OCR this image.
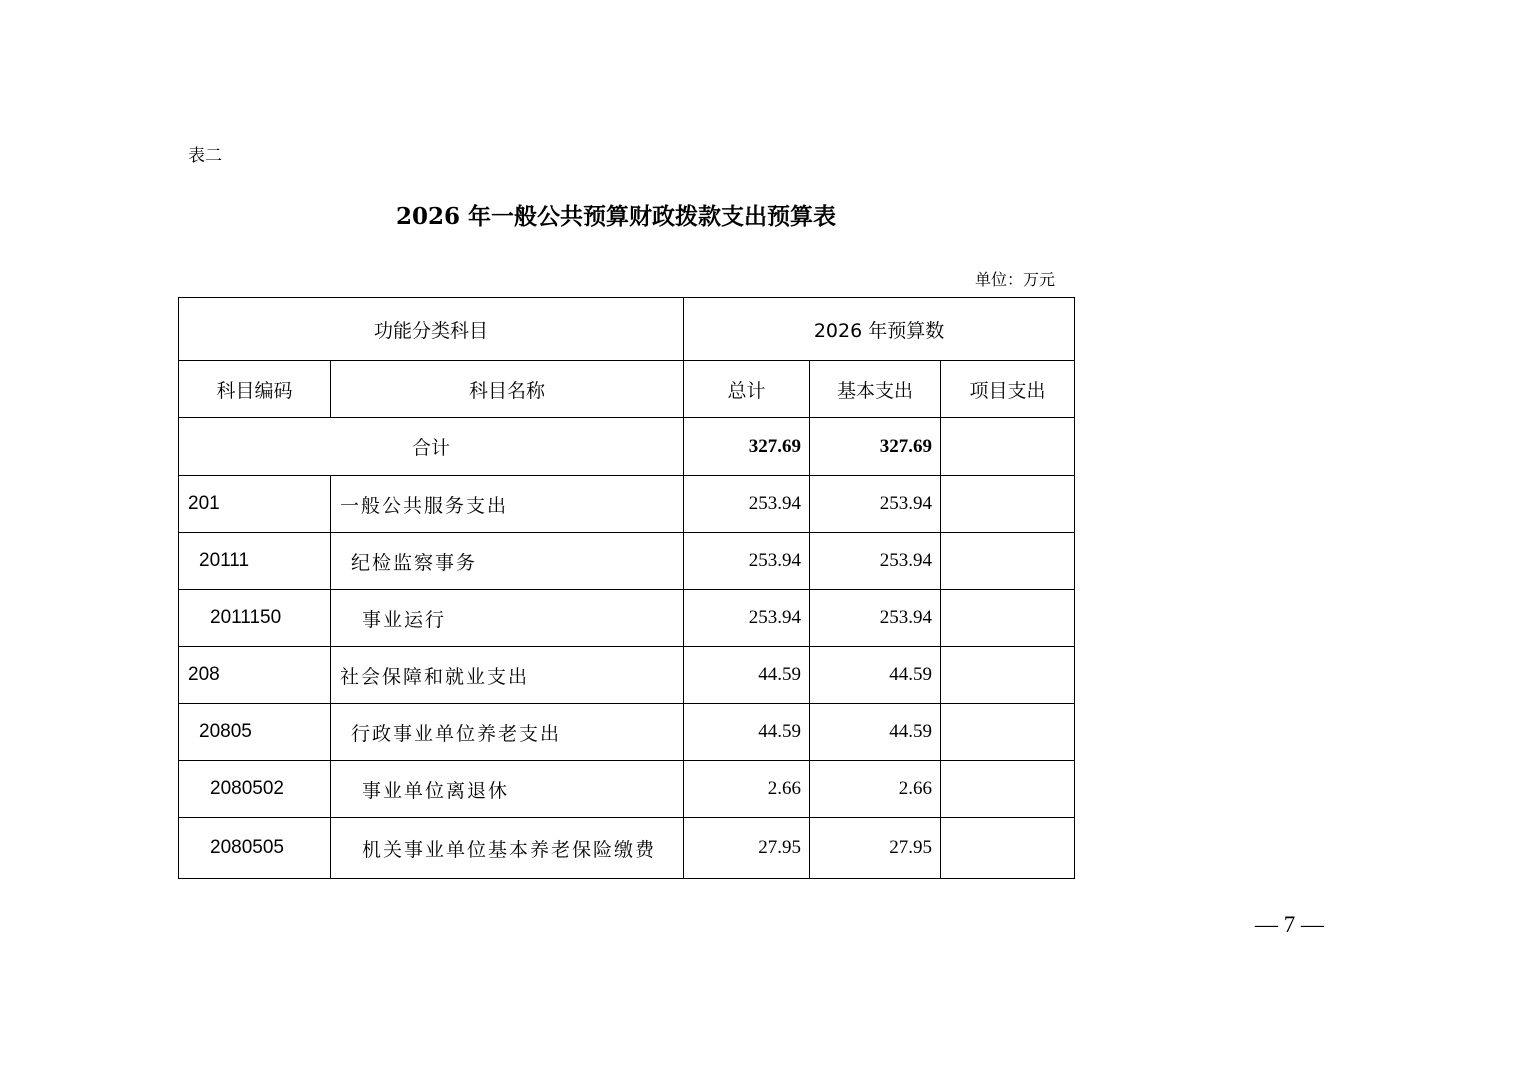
表二
2026 年一般公共预算财政拨款支出预算表
单位：万元
功能分类科目		2026 年预算数		
科目编码	科目名称	总计	基本支出	项目支出
合计		327.69	327.69	
201	一般公共服务支出	253.94	253.94	
20111	纪检监察事务	253.94	253.94	
2011150	事业运行	253.94	253.94	
208	社会保障和就业支出	44.59	44.59	
20805	行政事业单位养老支出	44.59	44.59	
2080502	事业单位离退休	2.66	2.66	
2080505	机关事业单位基本养老保险缴费	27.95	27.95	
— 7 —
